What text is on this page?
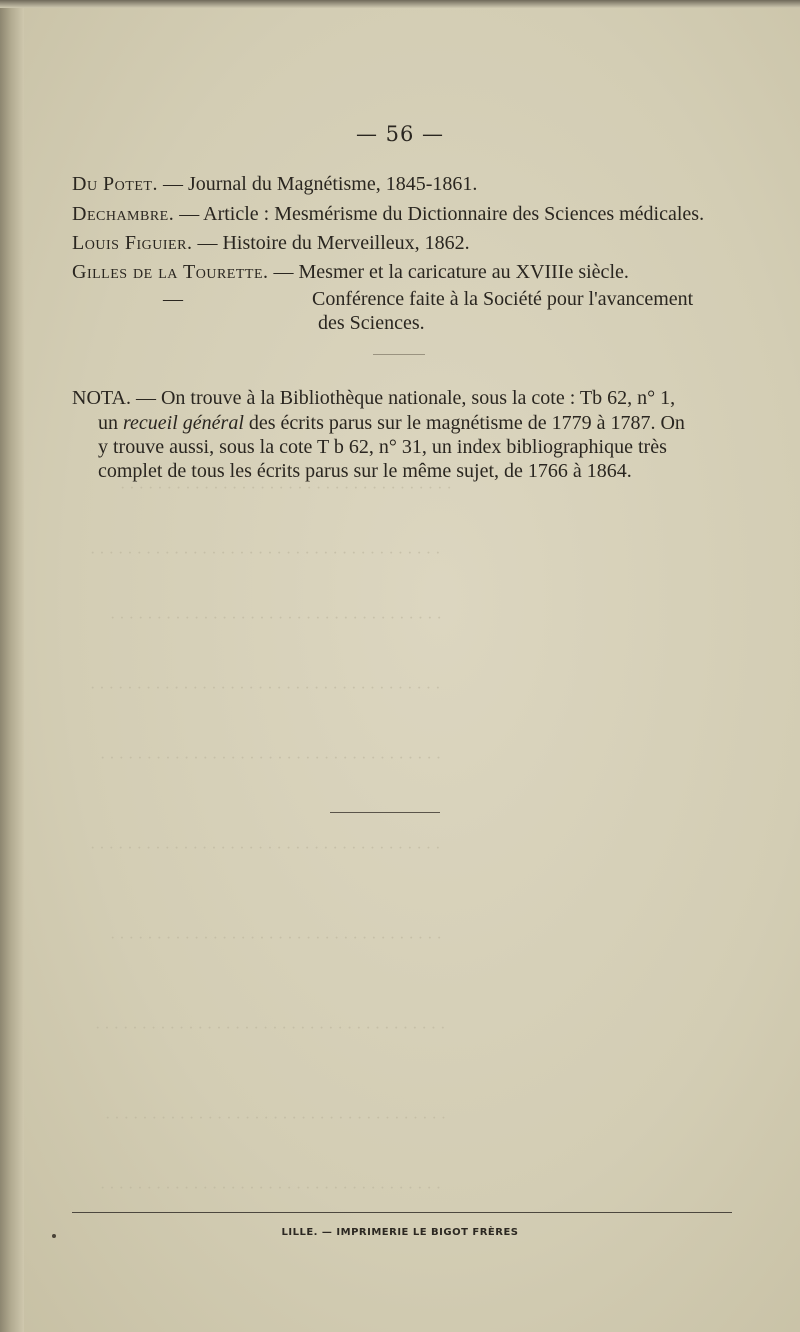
· · · · · · · · · · · · · · · · · · · · · · · · · · · · · · · · · · · ·
· · · · · · · · · · · · · · · · · · · · · · · · · · · · · · · · · · · · · ·
· · · · · · · · · · · · · · · · · · · · · · · · · · · · · · · · · · · ·
· · · · · · · · · · · · · · · · · · · · · · · · · · · · · · · · · · · · · ·
· · · · · · · · · · · · · · · · · · · · · · · · · · · · · · · · · · · · ·
· · · · · · · · · · · · · · · · · · · · · · · · · · · · · · · · · · · · · ·
· · · · · · · · · · · · · · · · · · · · · · · · · · · · · · · · · · · ·
· · · · · · · · · · · · · · · · · · · · · · · · · · · · · · · · · · · · · ·
· · · · · · · · · · · · · · · · · · · · · · · · · · · · · · · · · · · · ·
· · · · · · · · · · · · · · · · · · · · · · · · · · · · · · · · · · · · ·
— 56 —
Du Potet. — Journal du Magnétisme, 1845-1861.
Dechambre. — Article : Mesmérisme du Dictionnaire des Sciences médicales.
Louis Figuier. — Histoire du Merveilleux, 1862.
Gilles de la Tourette. — Mesmer et la caricature au XVIIIe siècle.
—	Conférence faite à la Société pour l'avancement
des Sciences.
NOTA. — On trouve à la Bibliothèque nationale, sous la cote : Tb 62, n° 1,
un recueil général des écrits parus sur le magnétisme de 1779 à 1787. On
y trouve aussi, sous la cote T b 62, n° 31, un index bibliographique très
complet de tous les écrits parus sur le même sujet, de 1766 à 1864.
LILLE. — IMPRIMERIE LE BIGOT FRÈRES
